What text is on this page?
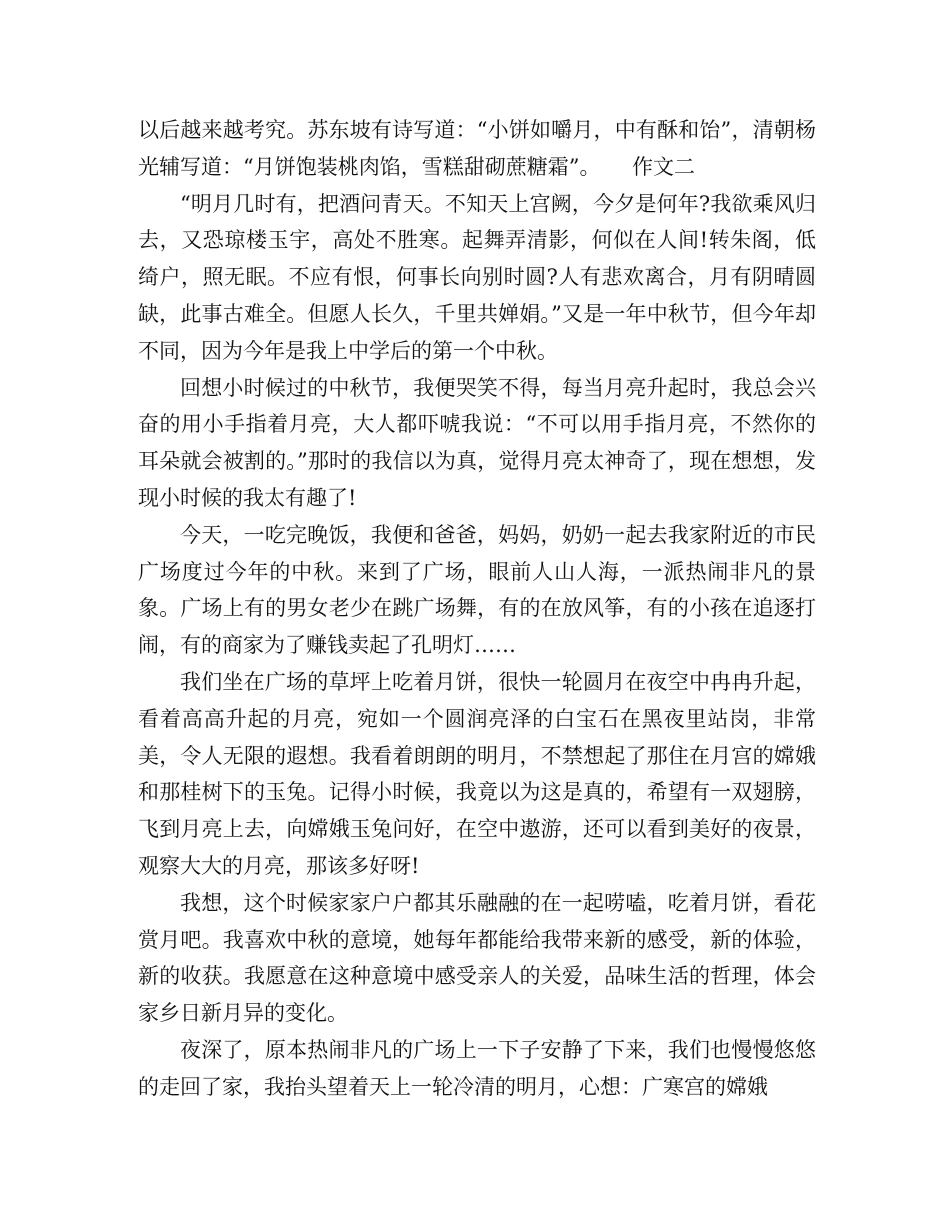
以后越来越考究。苏东坡有诗写道：“小饼如嚼月，中有酥和饴”，清朝杨光辅写道：“月饼饱装桃肉馅，雪糕甜砌蔗糖霜”。　　作文二

“明月几时有，把酒问青天。不知天上宫阙，今夕是何年?我欲乘风归去，又恐琼楼玉宇，高处不胜寒。起舞弄清影，何似在人间!转朱阁，低绮户，照无眠。不应有恨，何事长向别时圆?人有悲欢离合，月有阴晴圆缺，此事古难全。但愿人长久，千里共婵娟。”又是一年中秋节，但今年却不同，因为今年是我上中学后的第一个中秋。

回想小时候过的中秋节，我便哭笑不得，每当月亮升起时，我总会兴奋的用小手指着月亮，大人都吓唬我说：“不可以用手指月亮，不然你的耳朵就会被割的。”那时的我信以为真，觉得月亮太神奇了，现在想想，发现小时候的我太有趣了!

今天，一吃完晚饭，我便和爸爸，妈妈，奶奶一起去我家附近的市民广场度过今年的中秋。来到了广场，眼前人山人海，一派热闹非凡的景象。广场上有的男女老少在跳广场舞，有的在放风筝，有的小孩在追逐打闹，有的商家为了赚钱卖起了孔明灯……

我们坐在广场的草坪上吃着月饼，很快一轮圆月在夜空中冉冉升起，看着高高升起的月亮，宛如一个圆润亮泽的白宝石在黑夜里站岗，非常美，令人无限的遐想。我看着朗朗的明月，不禁想起了那住在月宫的嫦娥和那桂树下的玉兔。记得小时候，我竟以为这是真的，希望有一双翅膀，飞到月亮上去，向嫦娥玉兔问好，在空中遨游，还可以看到美好的夜景，观察大大的月亮，那该多好呀!

我想，这个时候家家户户都其乐融融的在一起唠嗑，吃着月饼，看花赏月吧。我喜欢中秋的意境，她每年都能给我带来新的感受，新的体验，新的收获。我愿意在这种意境中感受亲人的关爱，品味生活的哲理，体会家乡日新月异的变化。

夜深了，原本热闹非凡的广场上一下子安静了下来，我们也慢慢悠悠的走回了家，我抬头望着天上一轮冷清的明月，心想：广寒宫的嫦娥
